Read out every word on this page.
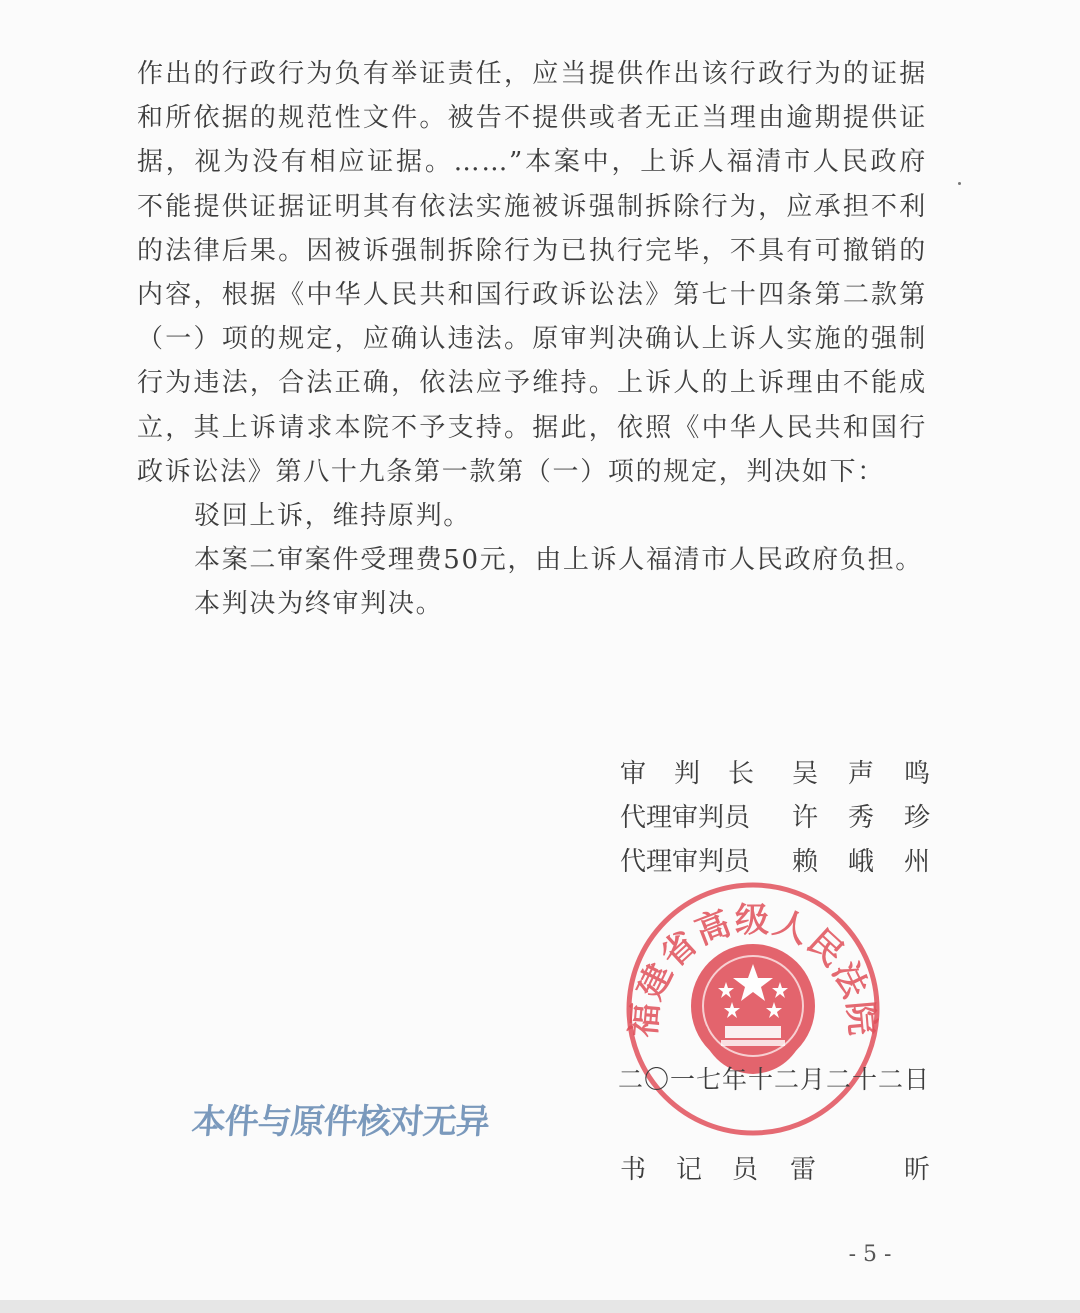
作出的行政行为负有举证责任，应当提供作出该行政行为的证据和所依据的规范性文件。被告不提供或者无正当理由逾期提供证据，视为没有相应证据。……”本案中，上诉人福清市人民政府不能提供证据证明其有依法实施被诉强制拆除行为，应承担不利的法律后果。因被诉强制拆除行为已执行完毕，不具有可撤销的内容，根据《中华人民共和国行政诉讼法》第七十四条第二款第（一）项的规定，应确认违法。原审判决确认上诉人实施的强制行为违法，合法正确，依法应予维持。上诉人的上诉理由不能成立，其上诉请求本院不予支持。据此，依照《中华人民共和国行政诉讼法》第八十九条第一款第（一）项的规定，判决如下：

驳回上诉，维持原判。

本案二审案件受理费50元，由上诉人福清市人民政府负担。

本判决为终审判决。

福建省高级人民法院
审判长 吴声鸣
代理审判员 许秀珍
代理审判员 赖峨州
二〇一七年十二月二十二日
书记员 雷	昕
本件与原件核对无异
- 5 -
